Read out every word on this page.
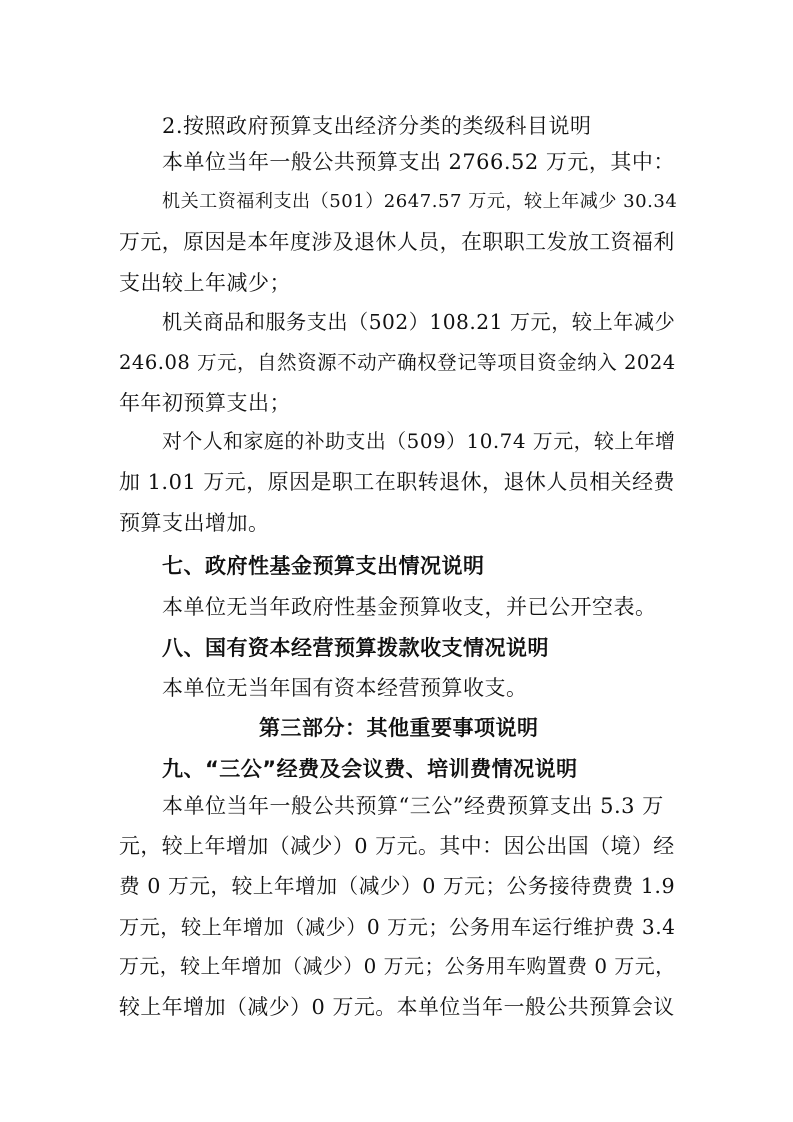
2.按照政府预算支出经济分类的类级科目说明

本单位当年一般公共预算支出 2766.52 万元，其中：

机关工资福利支出（501）2647.57 万元，较上年减少 30.34

万元，原因是本年度涉及退休人员，在职职工发放工资福利

支出较上年减少；

机关商品和服务支出（502）108.21 万元，较上年减少

246.08 万元，自然资源不动产确权登记等项目资金纳入 2024

年年初预算支出；

对个人和家庭的补助支出（509）10.74 万元，较上年增

加 1.01 万元，原因是职工在职转退休，退休人员相关经费

预算支出增加。

七、政府性基金预算支出情况说明

本单位无当年政府性基金预算收支，并已公开空表。

八、国有资本经营预算拨款收支情况说明

本单位无当年国有资本经营预算收支。

第三部分：其他重要事项说明

九、“三公”经费及会议费、培训费情况说明

本单位当年一般公共预算“三公”经费预算支出 5.3 万

元，较上年增加（减少）0 万元。其中：因公出国（境）经

费 0 万元，较上年增加（减少）0 万元；公务接待费费 1.9

万元，较上年增加（减少）0 万元；公务用车运行维护费 3.4

万元，较上年增加（减少）0 万元；公务用车购置费 0 万元，

较上年增加（减少）0 万元。本单位当年一般公共预算会议
